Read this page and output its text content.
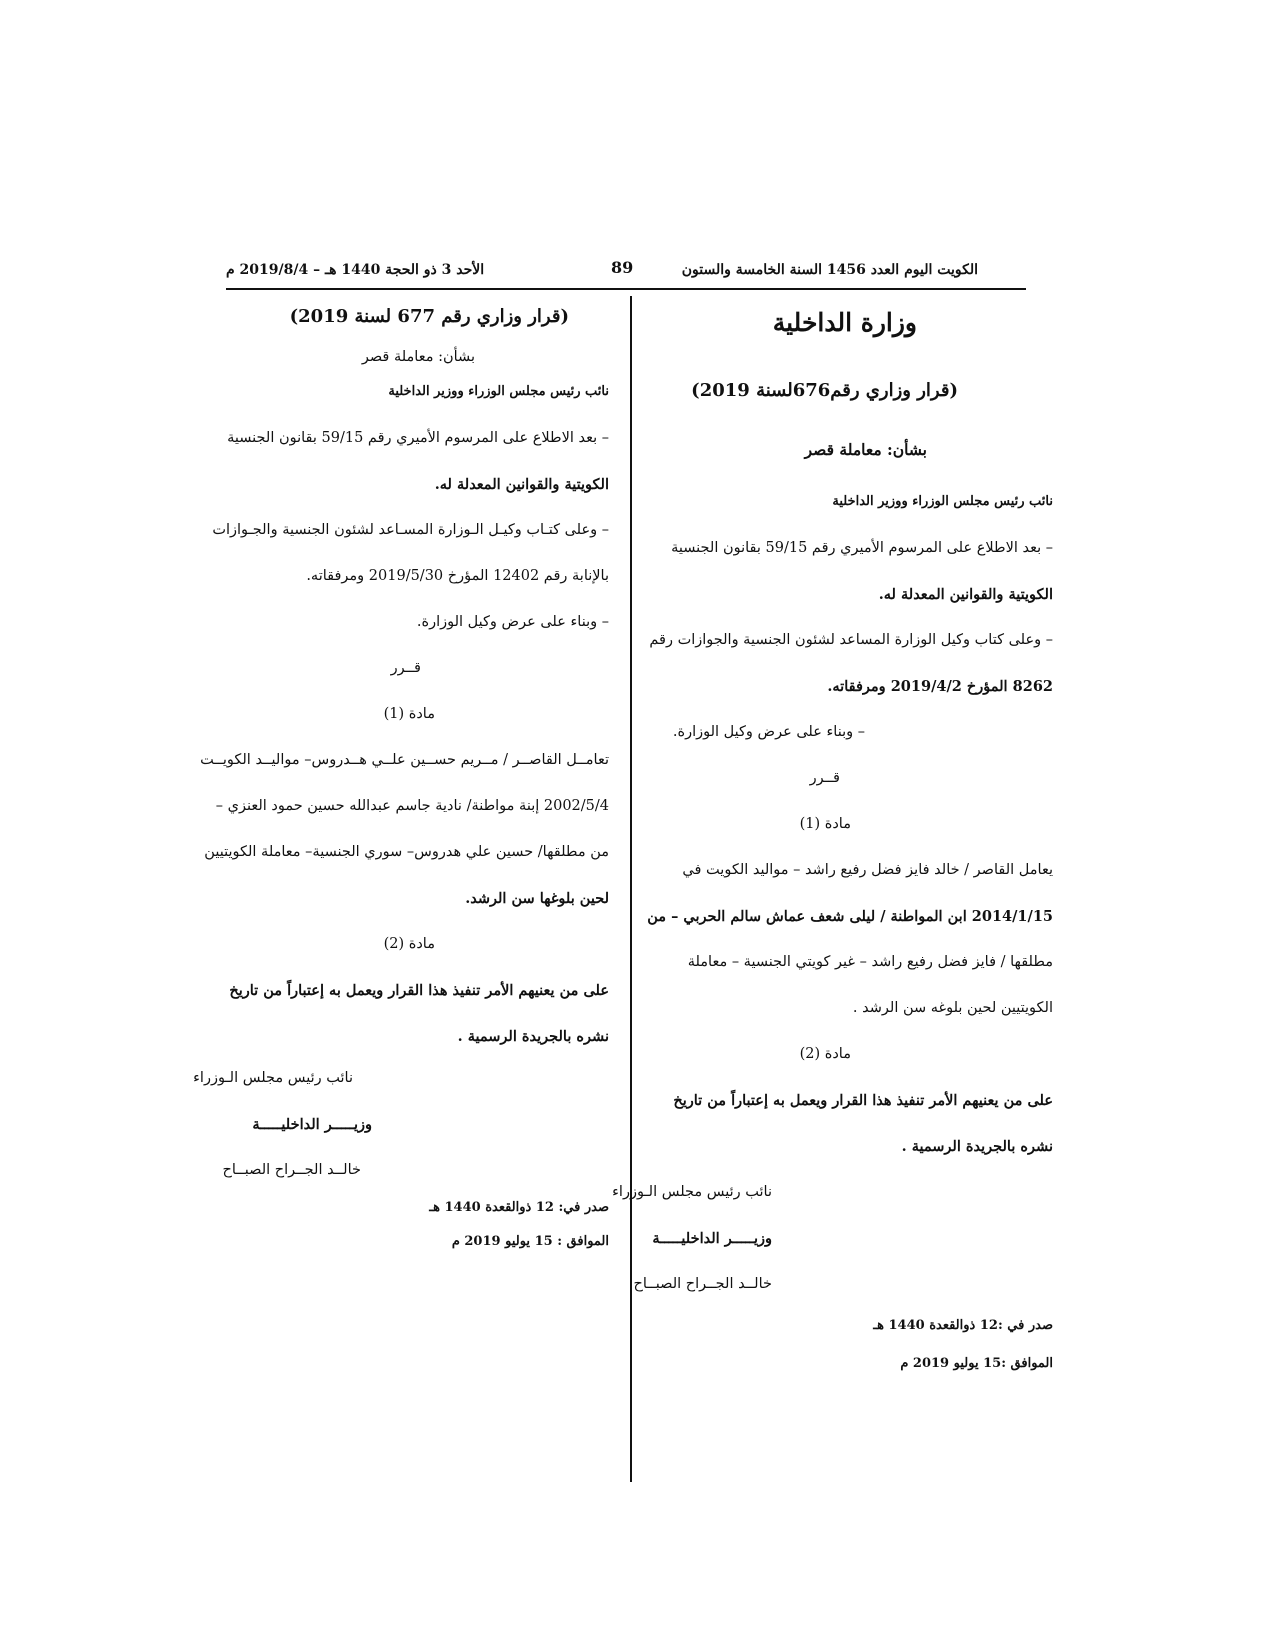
الكويت اليوم العدد 1456 السنة الخامسة والستون
89
الأحد 3 ذو الحجة 1440 هـ – 2019/8/4 م
وزارة الداخلية
(قرار وزاري رقم676لسنة 2019)
بشأن: معاملة قصر
نائب رئيس مجلس الوزراء ووزير الداخلية
– بعد الاطلاع على المرسوم الأميري رقم 59/15 بقانون الجنسية
الكويتية والقوانين المعدلة له.
– وعلى كتاب وكيل الوزارة المساعد لشئون الجنسية والجوازات رقم
8262 المؤرخ 2019/4/2 ومرفقاته.
– وبناء على عرض وكيل الوزارة.
قــرر
مادة (1)
يعامل القاصر / خالد فايز فضل رفيع راشد – مواليد الكويت في
2014/1/15 ابن المواطنة / ليلى شعف عماش سالم الحربي – من
مطلقها / فايز فضل رفيع راشد – غير كويتي الجنسية – معاملة
الكويتيين لحين بلوغه سن الرشد .
مادة (2)
على من يعنيهم الأمر تنفيذ هذا القرار ويعمل به إعتباراً من تاريخ
نشره بالجريدة الرسمية .
نائب رئيس مجلس الـوزراء
وزيـــــر الداخليـــــة
خالــد الجــراح الصبــاح
صدر في :12 ذوالقعدة 1440 هـ
الموافق :15 يوليو 2019 م
(قرار وزاري رقم 677 لسنة 2019)
بشأن: معاملة قصر
نائب رئيس مجلس الوزراء ووزير الداخلية
– بعد الاطلاع على المرسوم الأميري رقم 59/15 بقانون الجنسية
الكويتية والقوانين المعدلة له.
– وعلى كتـاب وكيـل الـوزارة المسـاعد لشئون الجنسية والجـوازات
بالإنابة رقم 12402 المؤرخ 2019/5/30 ومرفقاته.
– وبناء على عرض وكيل الوزارة.
قــرر
مادة (1)
تعامــل القاصــر / مــريم حســين علــي هــدروس– مواليــد الكويــت
2002/5/4 إبنة مواطنة/ نادية جاسم عبدالله حسين حمود العنزي –
من مطلقها/ حسين علي هدروس– سوري الجنسية– معاملة الكويتيين
لحين بلوغها سن الرشد.
مادة (2)
على من يعنيهم الأمر تنفيذ هذا القرار ويعمل به إعتباراً من تاريخ
نشره بالجريدة الرسمية .
نائب رئيس مجلس الـوزراء
وزيـــــر الداخليـــــة
خالــد الجــراح الصبــاح
صدر في: 12 ذوالقعدة 1440 هـ
الموافق : 15 يوليو 2019 م
